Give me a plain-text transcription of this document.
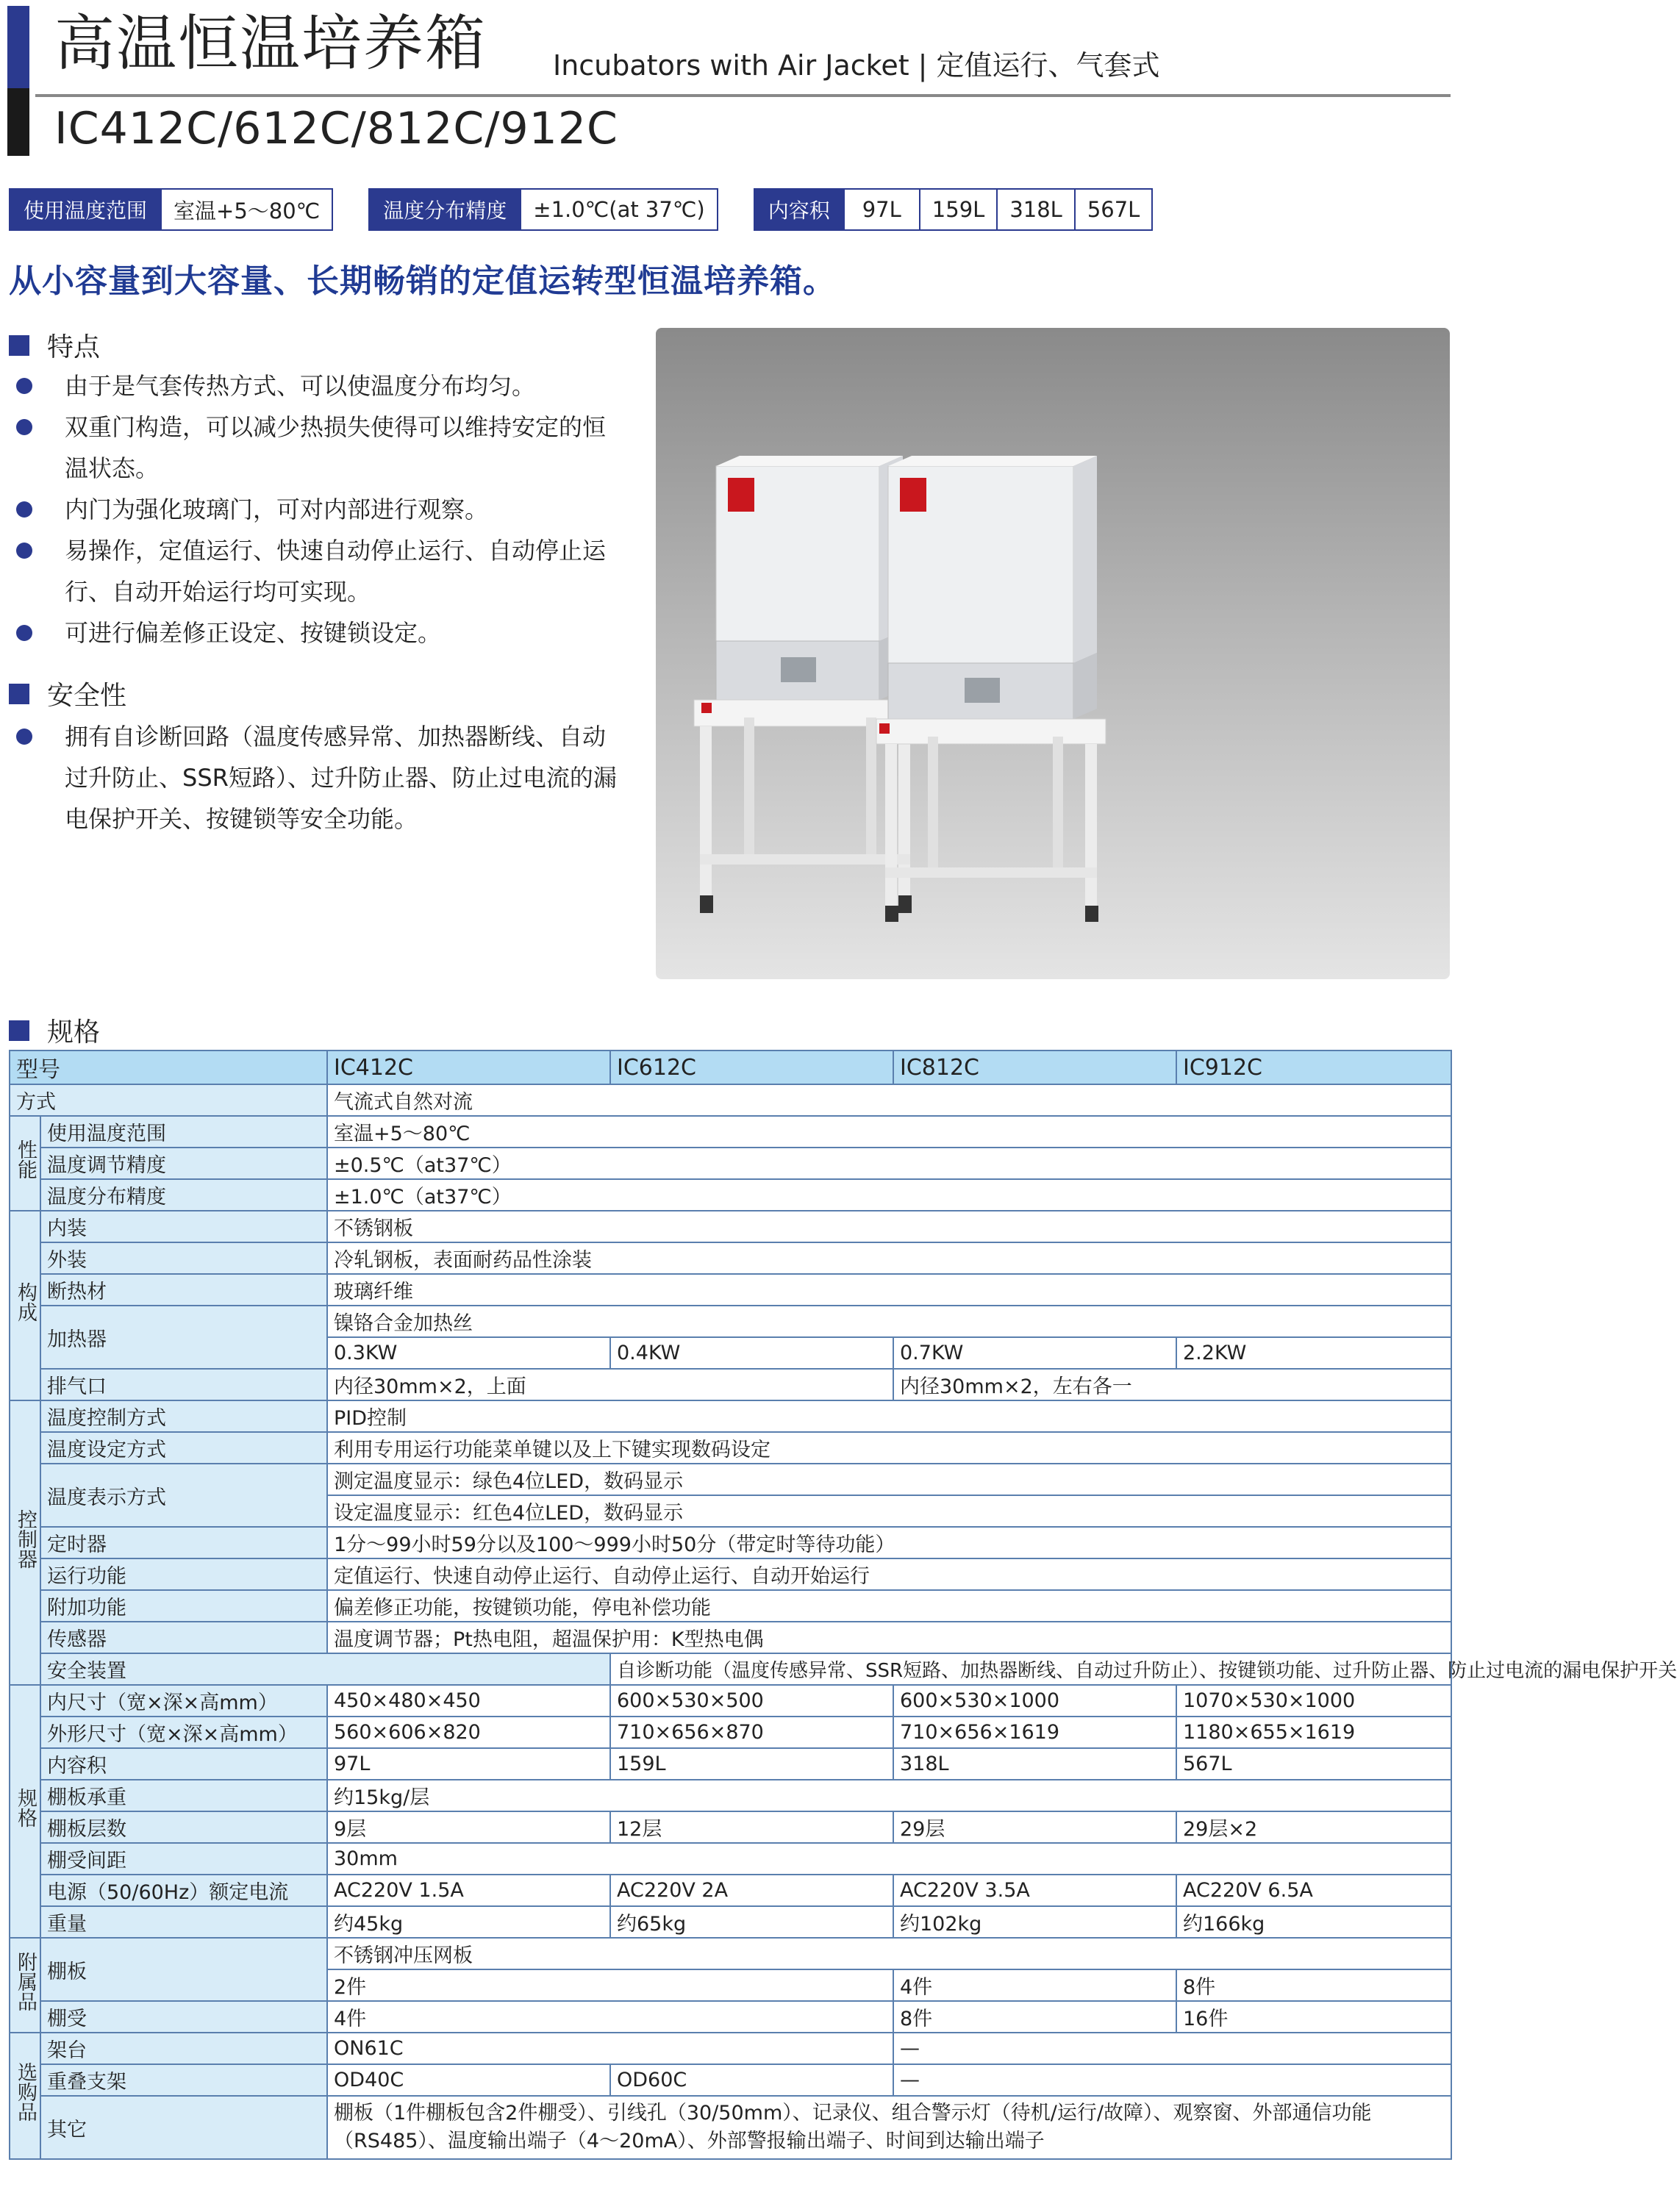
高温恒温培养箱 Incubators with Air Jacket | 定值运行、气套式
IC412C/612C/812C/912C
使用温度范围	室温+5～80℃	温度分布精度	±1.0℃(at 37℃)	内容积	97L	159L	318L	567L
从小容量到大容量、长期畅销的定值运转型恒温培养箱。
特点
由于是气套传热方式、可以使温度分布均匀。
双重门构造，可以减少热损失使得可以维持安定的恒温状态。
内门为强化玻璃门，可对内部进行观察。
易操作，定值运行、快速自动停止运行、自动停止运行、自动开始运行均可实现。
可进行偏差修正设定、按键锁设定。
安全性
拥有自诊断回路（温度传感异常、加热器断线、自动过升防止、SSR短路）、过升防止器、防止过电流的漏电保护开关、按键锁等安全功能。
规格
型号		IC412C	IC612C	IC812C	IC912C
方式		气流式自然对流			
性能	使用温度范围	室温+5～80℃			
	温度调节精度	±0.5℃（at37℃）			
	温度分布精度	±1.0℃（at37℃）			
构成	内装	不锈钢板			
	外装	冷轧钢板，表面耐药品性涂装			
	断热材	玻璃纤维			
	加热器	镍铬合金加热丝			
		0.3KW	0.4KW	0.7KW	2.2KW
	排气口	内径30mm×2，上面		内径30mm×2，左右各一	
控制器	温度控制方式	PID控制			
	温度设定方式	利用专用运行功能菜单键以及上下键实现数码设定			
	温度表示方式	测定温度显示：绿色4位LED，数码显示			
		设定温度显示：红色4位LED，数码显示			
	定时器	1分～99小时59分以及100～999小时50分（带定时等待功能）			
	运行功能	定值运行、快速自动停止运行、自动停止运行、自动开始运行			
	附加功能	偏差修正功能，按键锁功能，停电补偿功能			
	传感器	温度调节器；Pt热电阻，超温保护用：K型热电偶			
	安全装置		自诊断功能（温度传感异常、SSR短路、加热器断线、自动过升防止）、按键锁功能、过升防止器、防止过电流的漏电保护开关		
规格	内尺寸（宽×深×高mm）	450×480×450	600×530×500	600×530×1000	1070×530×1000
	外形尺寸（宽×深×高mm）	560×606×820	710×656×870	710×656×1619	1180×655×1619
	内容积	97L	159L	318L	567L
	棚板承重	约15kg/层			
	棚板层数	9层	12层	29层	29层×2
	棚受间距	30mm			
	电源（50/60Hz）额定电流	AC220V 1.5A	AC220V 2A	AC220V 3.5A	AC220V 6.5A
	重量	约45kg	约65kg	约102kg	约166kg
附属品	棚板	不锈钢冲压网板			
		2件		4件	8件
	棚受	4件		8件	16件
选购品	架台	ON61C		—	
	重叠支架	OD40C	OD60C	—	
	其它	棚板（1件棚板包含2件棚受）、引线孔（30/50mm）、记录仪、组合警示灯（待机/运行/故障）、观察窗、外部通信功能（RS485）、温度输出端子（4～20mA）、外部警报输出端子、时间到达输出端子			
